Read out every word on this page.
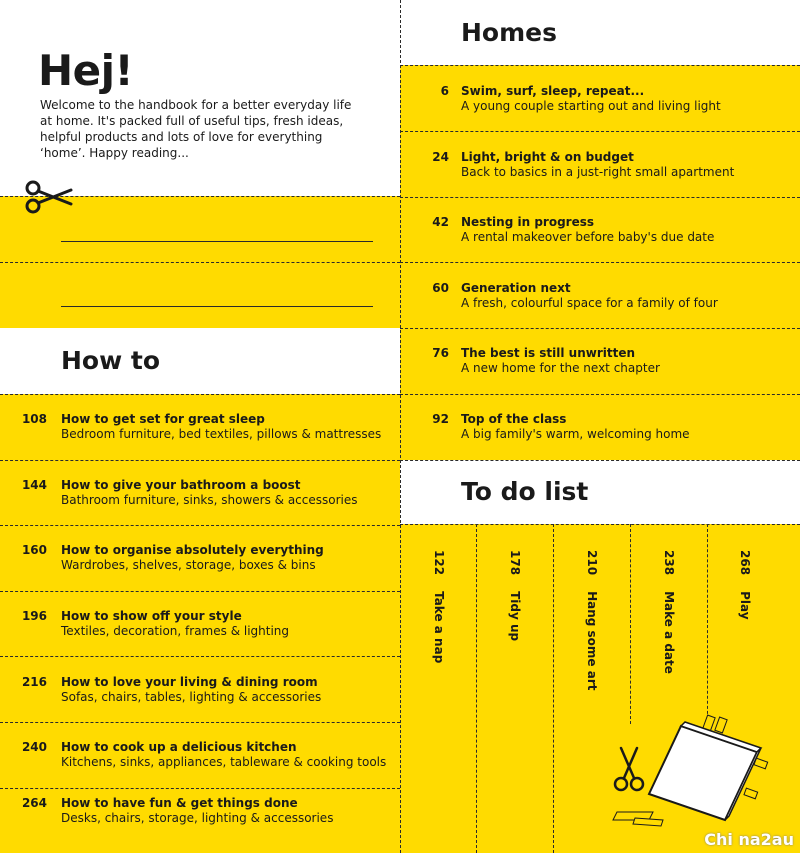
Hej!
Welcome to the handbook for a better everyday life at home. It's packed full of useful tips, fresh ideas, helpful products and lots of love for everything ‘home’. Happy reading...
Homes
How to
To do list
6 Swim, surf, sleep, repeat...
A young couple starting out and living light
24 Light, bright & on budget
Back to basics in a just-right small apartment
42 Nesting in progress
A rental makeover before baby's due date
60 Generation next
A fresh, colourful space for a family of four
76 The best is still unwritten
A new home for the next chapter
92 Top of the class
A big family's warm, welcoming home
108 How to get set for great sleep
Bedroom furniture, bed textiles, pillows & mattresses
144 How to give your bathroom a boost
Bathroom furniture, sinks, showers & accessories
160 How to organise absolutely everything
Wardrobes, shelves, storage, boxes & bins
196 How to show off your style
Textiles, decoration, frames & lighting
216 How to love your living & dining room
Sofas, chairs, tables, lighting & accessories
240 How to cook up a delicious kitchen
Kitchens, sinks, appliances, tableware & cooking tools
264 How to have fun & get things done
Desks, chairs, storage, lighting & accessories
122Take a nap
178Tidy up
210Hang some art
238Make a date
268Play
Chi na2au
